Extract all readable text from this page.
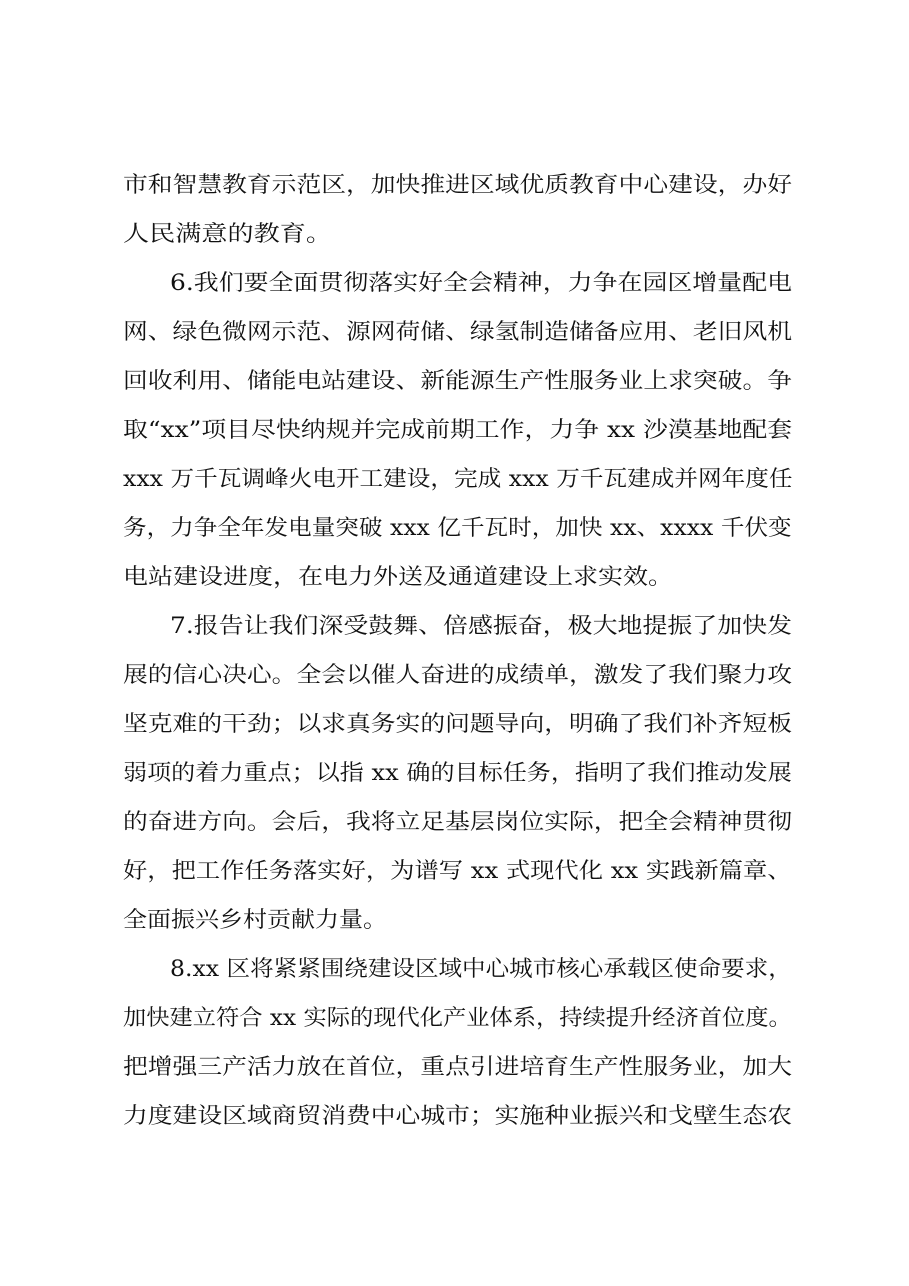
市和智慧教育示范区，加快推进区域优质教育中心建设，办好
人民满意的教育。
6.我们要全面贯彻落实好全会精神，力争在园区增量配电
网、绿色微网示范、源网荷储、绿氢制造储备应用、老旧风机
回收利用、储能电站建设、新能源生产性服务业上求突破。争
取“xx”项目尽快纳规并完成前期工作，力争 xx 沙漠基地配套
xxx 万千瓦调峰火电开工建设，完成 xxx 万千瓦建成并网年度任
务，力争全年发电量突破 xxx 亿千瓦时，加快 xx、xxxx 千伏变
电站建设进度，在电力外送及通道建设上求实效。
7.报告让我们深受鼓舞、倍感振奋，极大地提振了加快发
展的信心决心。全会以催人奋进的成绩单，激发了我们聚力攻
坚克难的干劲；以求真务实的问题导向，明确了我们补齐短板
弱项的着力重点；以指 xx 确的目标任务，指明了我们推动发展
的奋进方向。会后，我将立足基层岗位实际，把全会精神贯彻
好，把工作任务落实好，为谱写 xx 式现代化 xx 实践新篇章、
全面振兴乡村贡献力量。
8.xx 区将紧紧围绕建设区域中心城市核心承载区使命要求，
加快建立符合 xx 实际的现代化产业体系，持续提升经济首位度。
把增强三产活力放在首位，重点引进培育生产性服务业，加大
力度建设区域商贸消费中心城市；实施种业振兴和戈壁生态农
